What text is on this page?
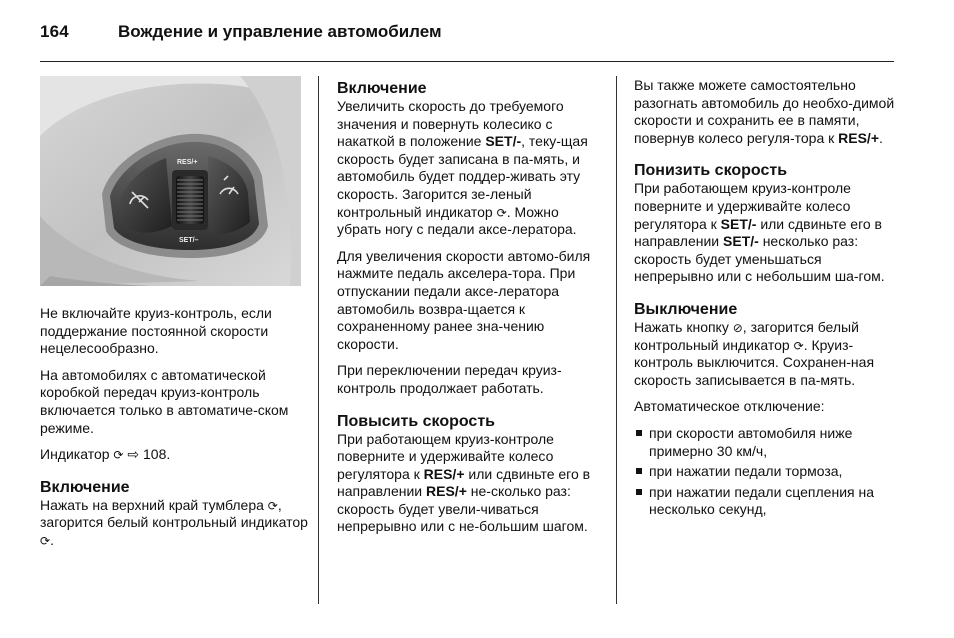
164	Вождение и управление автомобилем
RES/+
SET/–

Не включайте круиз-контроль, если поддержание постоянной скорости нецелесообразно.

На автомобилях с автоматической коробкой передач круиз-контроль включается только в автоматиче-ском режиме.

Индикатор ⟳ ⇨ 108.

Включение

Нажать на верхний край тумблера ⟳, загорится белый контрольный индикатор ⟳.

Включение

Увеличить скорость до требуемого значения и повернуть колесико с накаткой в положение SET/-, теку-щая скорость будет записана в па-мять, и автомобиль будет поддер-живать эту скорость. Загорится зе-леный контрольный индикатор ⟳. Можно убрать ногу с педали аксе-лератора.

Для увеличения скорости автомо-биля нажмите педаль акселера-тора. При отпускании педали аксе-лератора автомобиль возвра-щается к сохраненному ранее зна-чению скорости.

При переключении передач круиз-контроль продолжает работать.

Повысить скорость

При работающем круиз-контроле поверните и удерживайте колесо регулятора к RES/+ или сдвиньте его в направлении RES/+ не-сколько раз: скорость будет увели-чиваться непрерывно или с не-большим шагом.

Вы также можете самостоятельно разогнать автомобиль до необхо-димой скорости и сохранить ее в памяти, повернув колесо регуля-тора к RES/+.

Понизить скорость

При работающем круиз-контроле поверните и удерживайте колесо регулятора к SET/- или сдвиньте его в направлении SET/- несколько раз: скорость будет уменьшаться непрерывно или с небольшим ша-гом.

Выключение

Нажать кнопку ⊘, загорится белый контрольный индикатор ⟳. Круиз-контроль выключится. Сохранен-ная скорость записывается в па-мять.

Автоматическое отключение:

при скорости автомобиля ниже примерно 30 км/ч,
при нажатии педали тормоза,
при нажатии педали сцепления на несколько секунд,
